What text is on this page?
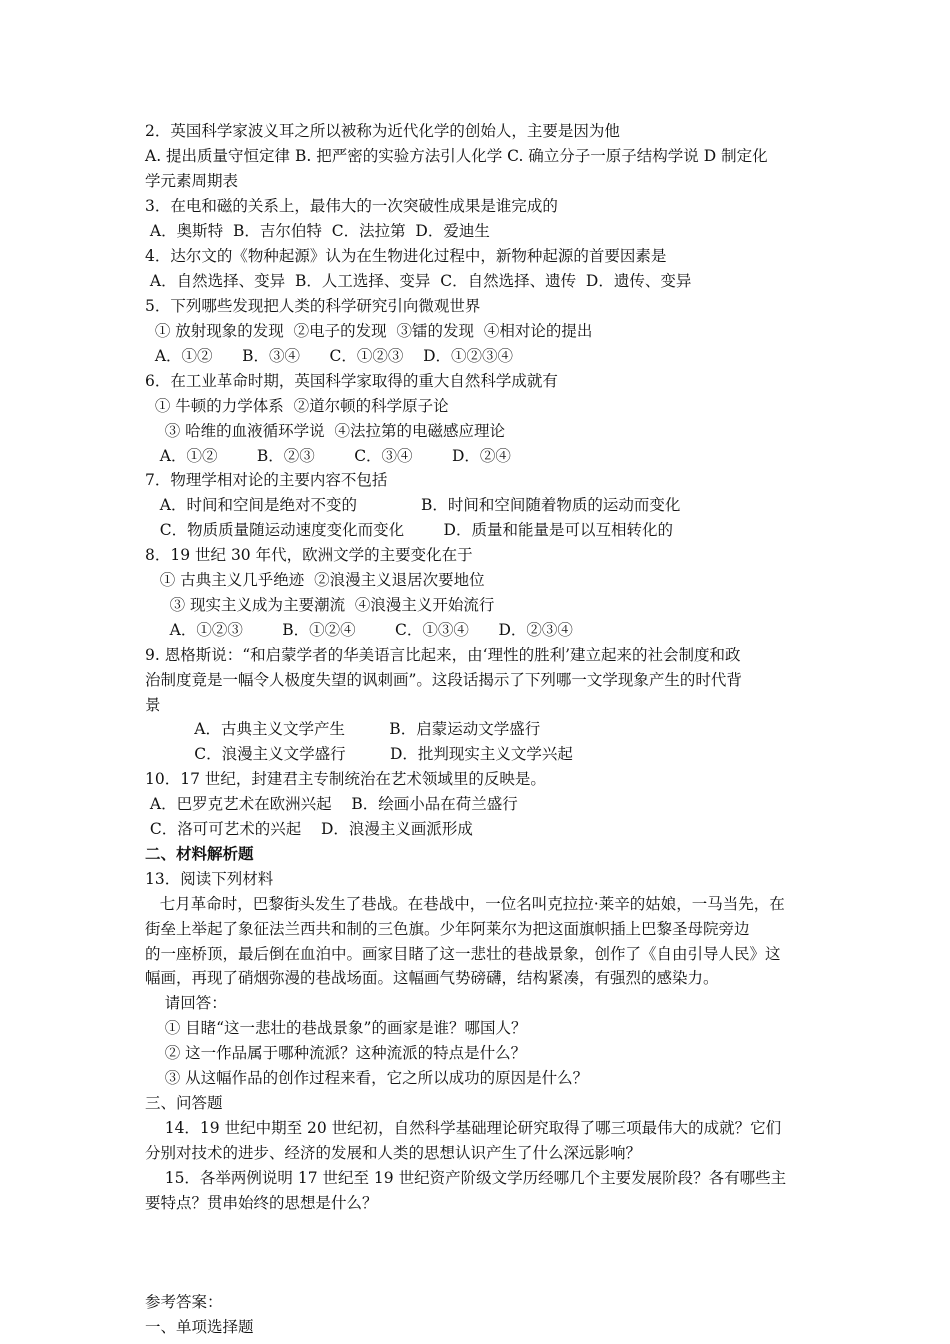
2．英国科学家波义耳之所以被称为近代化学的创始人，主要是因为他
A. 提出质量守恒定律 B. 把严密的实验方法引人化学 C. 确立分子一原子结构学说 D 制定化
学元素周期表
3．在电和磁的关系上，最伟大的一次突破性成果是谁完成的
A．奥斯特  B．吉尔伯特  C．法拉第  D．爱迪生
4．达尔文的《物种起源》认为在生物进化过程中，新物种起源的首要因素是
A．自然选择、变异  B．人工选择、变异  C．自然选择、遗传  D．遗传、变异
5．下列哪些发现把人类的科学研究引向微观世界
① 放射现象的发现  ②电子的发现  ③镭的发现  ④相对论的提出
A．①②      B．③④      C．①②③    D．①②③④
6．在工业革命时期，英国科学家取得的重大自然科学成就有
① 牛顿的力学体系  ②道尔顿的科学原子论
③ 哈维的血液循环学说  ④法拉第的电磁感应理论
A．①②        B．②③        C．③④        D．②④
7．物理学相对论的主要内容不包括
A．时间和空间是绝对不变的             B．时间和空间随着物质的运动而变化
C．物质质量随运动速度变化而变化        D．质量和能量是可以互相转化的
8．19 世纪 30 年代，欧洲文学的主要变化在于
① 古典主义几乎绝迹  ②浪漫主义退居次要地位
③ 现实主义成为主要潮流  ④浪漫主义开始流行
A．①②③        B．①②④        C．①③④      D．②③④
9. 恩格斯说：“和启蒙学者的华美语言比起来，由‘理性的胜利’建立起来的社会制度和政
治制度竟是一幅令人极度失望的讽刺画”。这段话揭示了下列哪一文学现象产生的时代背
景
A．古典主义文学产生         B．启蒙运动文学盛行
C．浪漫主义文学盛行         D．批判现实主义文学兴起
10．17 世纪，封建君主专制统治在艺术领域里的反映是。
A．巴罗克艺术在欧洲兴起    B．绘画小品在荷兰盛行
C．洛可可艺术的兴起    D．浪漫主义画派形成
二、材料解析题
13．阅读下列材料
七月革命时，巴黎街头发生了巷战。在巷战中，一位名叫克拉拉·莱辛的姑娘，一马当先，在
街垒上举起了象征法兰西共和制的三色旗。少年阿莱尔为把这面旗帜插上巴黎圣母院旁边
的一座桥顶，最后倒在血泊中。画家目睹了这一悲壮的巷战景象，创作了《自由引导人民》这
幅画，再现了硝烟弥漫的巷战场面。这幅画气势磅礴，结构紧凑，有强烈的感染力。
请回答：
① 目睹“这一悲壮的巷战景象”的画家是谁？哪国人？
② 这一作品属于哪种流派？这种流派的特点是什么？
③ 从这幅作品的创作过程来看，它之所以成功的原因是什么？
三、问答题
14．19 世纪中期至 20 世纪初，自然科学基础理论研究取得了哪三项最伟大的成就？它们
分别对技术的进步、经济的发展和人类的思想认识产生了什么深远影响？
15．各举两例说明 17 世纪至 19 世纪资产阶级文学历经哪几个主要发展阶段？各有哪些主
要特点？贯串始终的思想是什么？
参考答案：
一、单项选择题
